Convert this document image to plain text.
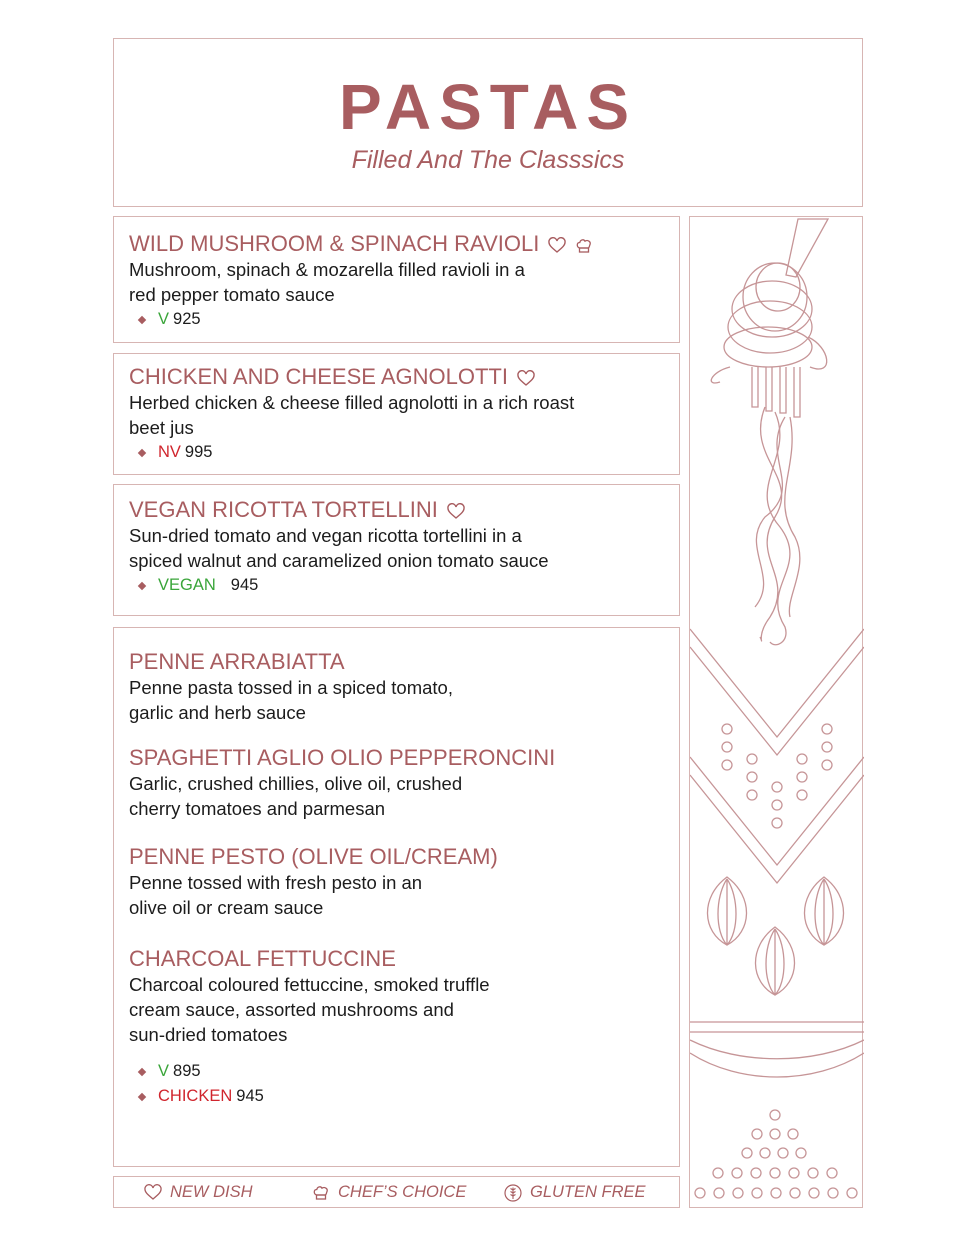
PASTAS
Filled And The Classsics
WILD MUSHROOM & SPINACH RAVIOLI
Mushroom, spinach & mozarella filled ravioli in a
red pepper tomato sauce
V 925
CHICKEN AND CHEESE AGNOLOTTI
Herbed chicken & cheese filled agnolotti in a rich roast
beet jus
NV 995
VEGAN RICOTTA TORTELLINI
Sun-dried tomato and vegan ricotta tortellini in a
spiced walnut and caramelized onion tomato sauce
VEGAN 945
PENNE ARRABIATTA
Penne pasta tossed in a spiced tomato,
garlic and herb sauce
SPAGHETTI AGLIO OLIO PEPPERONCINI
Garlic, crushed chillies, olive oil, crushed
cherry tomatoes and parmesan
PENNE PESTO (OLIVE OIL/CREAM)
Penne tossed with fresh pesto in an
olive oil or cream sauce
CHARCOAL FETTUCCINE
Charcoal coloured fettuccine, smoked truffle
cream sauce, assorted mushrooms and
sun-dried tomatoes
V 895
CHICKEN 945
NEW DISH	CHEF’S CHOICE	GLUTEN FREE
